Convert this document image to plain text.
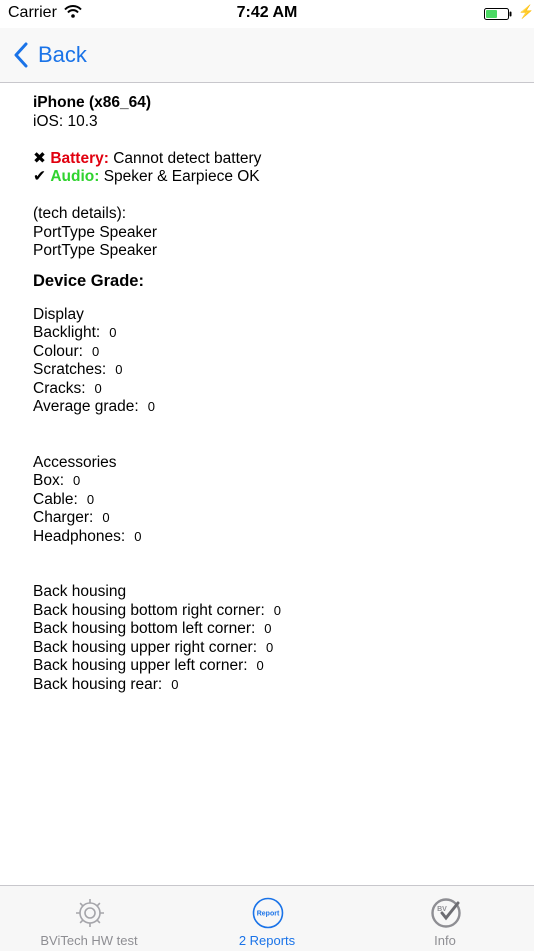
Carrier	7:42 AM	⚡
Back
iPhone (x86_64)
iOS: 10.3
✖ Battery: Cannot detect battery
✔ Audio: Speker & Earpiece OK
(tech details):
PortType Speaker
PortType Speaker
Device Grade:
Display
Backlight: 0
Colour: 0
Scratches: 0
Cracks: 0
Average grade: 0
Accessories
Box: 0
Cable: 0
Charger: 0
Headphones: 0
Back housing
Back housing bottom right corner: 0
Back housing bottom left corner: 0
Back housing upper right corner: 0
Back housing upper left corner: 0
Back housing rear: 0
BViTech HW test
Report
2 Reports
BV
Info
